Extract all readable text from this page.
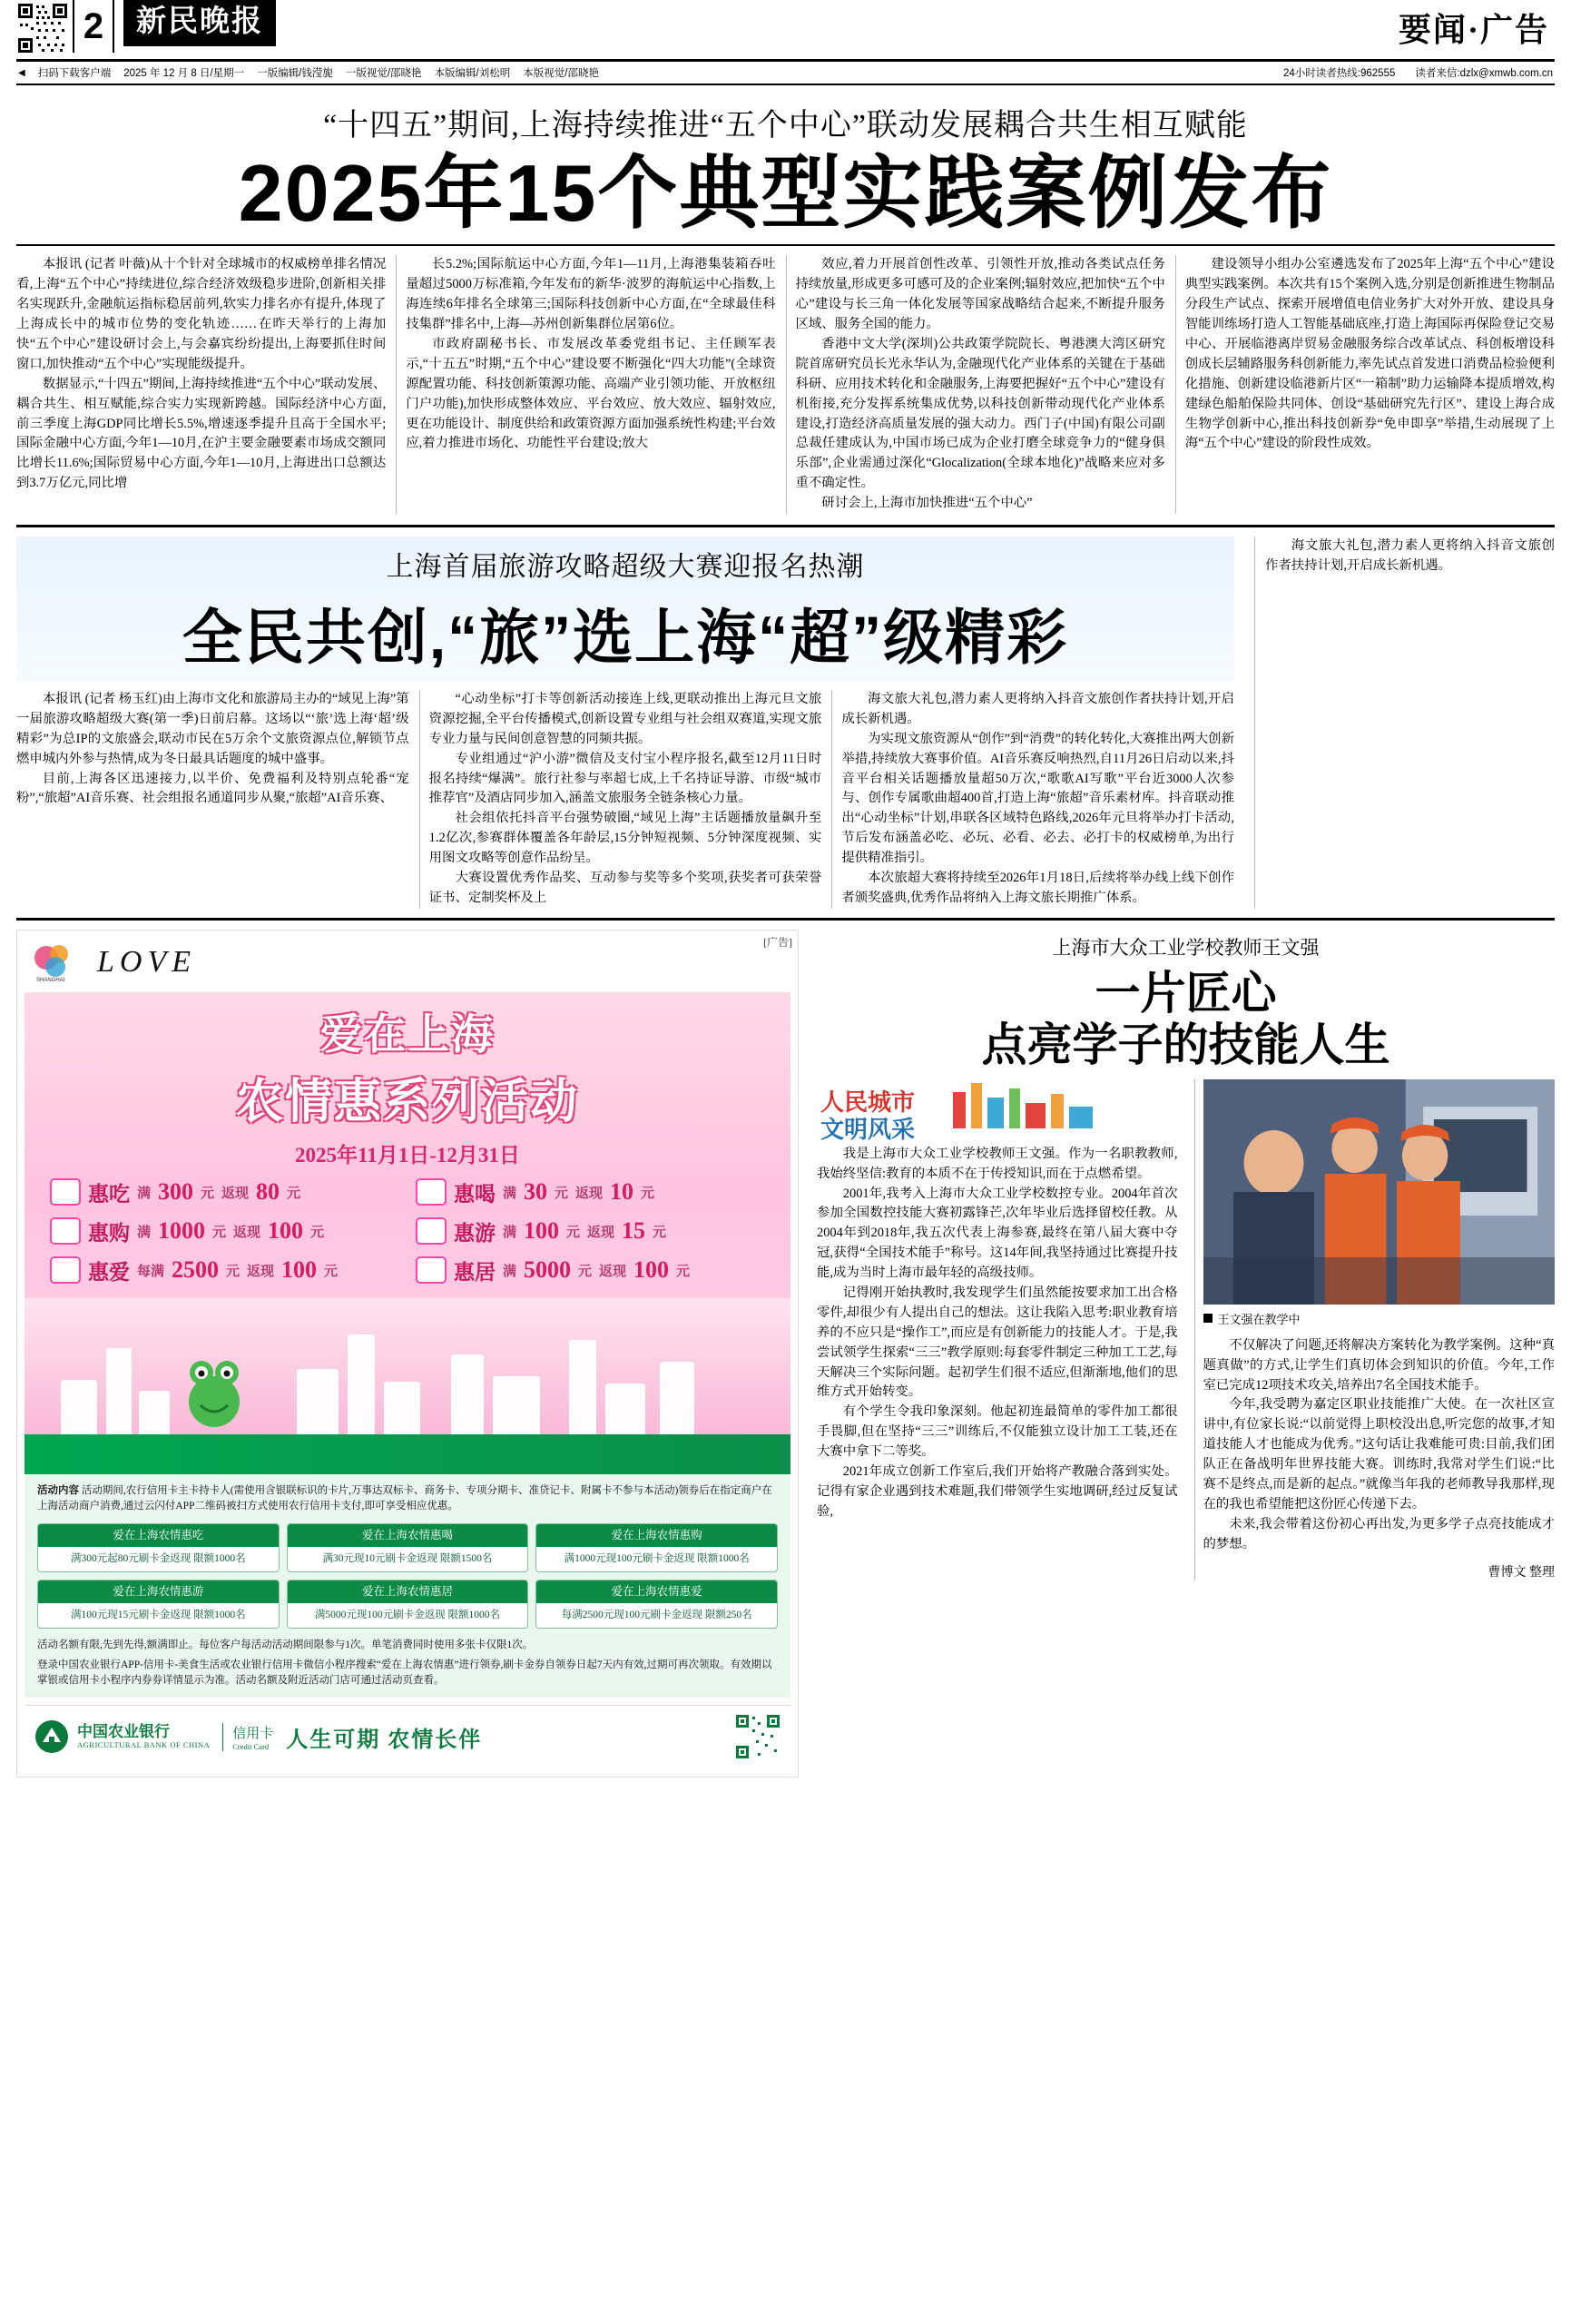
2	新民晚报	要闻·广告
◀ 扫码下载客户端 2025 年 12 月 8 日/星期一 一版编辑/钱滢旎 一版视觉/邵晓艳 本版编辑/刘松明 本版视觉/邵晓艳	24小时读者热线:962555 读者来信:dzlx@xmwb.com.cn
“十四五”期间,上海持续推进“五个中心”联动发展耦合共生相互赋能
2025年15个典型实践案例发布

本报讯 (记者 叶薇)从十个针对全球城市的权威榜单排名情况看,上海“五个中心”持续进位,综合经济效级稳步进阶,创新相关排名实现跃升,金融航运指标稳居前列,软实力排名亦有提升,体现了上海成长中的城市位势的变化轨迹……在昨天举行的上海加快“五个中心”建设研讨会上,与会嘉宾纷纷提出,上海要抓住时间窗口,加快推动“五个中心”实现能级提升。

数据显示,“十四五”期间,上海持续推进“五个中心”联动发展、耦合共生、相互赋能,综合实力实现新跨越。国际经济中心方面,前三季度上海GDP同比增长5.5%,增速逐季提升且高于全国水平;国际金融中心方面,今年1—10月,在沪主要金融要素市场成交额同比增长11.6%;国际贸易中心方面,今年1—10月,上海进出口总额达到3.7万亿元,同比增

长5.2%;国际航运中心方面,今年1—11月,上海港集装箱吞吐量超过5000万标准箱,今年发布的新华·波罗的海航运中心指数,上海连续6年排名全球第三;国际科技创新中心方面,在“全球最佳科技集群”排名中,上海—苏州创新集群位居第6位。

市政府副秘书长、市发展改革委党组书记、主任顾军表示,“十五五”时期,“五个中心”建设要不断强化“四大功能”(全球资源配置功能、科技创新策源功能、高端产业引领功能、开放枢纽门户功能),加快形成整体效应、平台效应、放大效应、辐射效应,更在功能设计、制度供给和政策资源方面加强系统性构建;平台效应,着力推进市场化、功能性平台建设;放大

效应,着力开展首创性改革、引领性开放,推动各类试点任务持续放量,形成更多可感可及的企业案例;辐射效应,把加快“五个中心”建设与长三角一体化发展等国家战略结合起来,不断提升服务区域、服务全国的能力。

香港中文大学(深圳)公共政策学院院长、粤港澳大湾区研究院首席研究员长光永华认为,金融现代化产业体系的关键在于基础科研、应用技术转化和金融服务,上海要把握好“五个中心”建设有机衔接,充分发挥系统集成优势,以科技创新带动现代化产业体系建设,打造经济高质量发展的强大动力。西门子(中国)有限公司副总裁任建成认为,中国市场已成为企业打磨全球竞争力的“健身俱乐部”,企业需通过深化“Glocalization(全球本地化)”战略来应对多重不确定性。

研讨会上,上海市加快推进“五个中心”

建设领导小组办公室遴选发布了2025年上海“五个中心”建设典型实践案例。本次共有15个案例入选,分别是创新推进生物制品分段生产试点、探索开展增值电信业务扩大对外开放、建设具身智能训练场打造人工智能基础底座,打造上海国际再保险登记交易中心、开展临港离岸贸易金融服务综合改革试点、科创板增设科创成长层辅路服务科创新能力,率先试点首发进口消费品检验便利化措施、创新建设临港新片区“一箱制”助力运输降本提质增效,构建绿色船舶保险共同体、创设“基础研究先行区”、建设上海合成生物学创新中心,推出科技创新券“免申即享”举措,生动展现了上海“五个中心”建设的阶段性成效。

上海首届旅游攻略超级大赛迎报名热潮
全民共创,“旅”选上海“超”级精彩

本报讯 (记者 杨玉红)由上海市文化和旅游局主办的“域见上海”第一届旅游攻略超级大赛(第一季)日前启幕。这场以“‘旅’选上海‘超’级精彩”为总IP的文旅盛会,联动市民在5万余个文旅资源点位,解锁节点燃申城内外参与热情,成为冬日最具话题度的城中盛事。

目前,上海各区迅速接力,以半价、免费福利及特别点轮番“宠粉”,“旅超”AI音乐赛、社会组报名通道同步从聚,“旅超”AI音乐赛、

“心动坐标”打卡等创新活动接连上线,更联动推出上海元旦文旅资源挖掘,全平台传播模式,创新设置专业组与社会组双赛道,实现文旅专业力量与民间创意智慧的同频共振。

专业组通过“沪小游”微信及支付宝小程序报名,截至12月11日时报名持续“爆满”。旅行社参与率超七成,上千名持证导游、市级“城市推荐官”及酒店同步加入,涵盖文旅服务全链条核心力量。

社会组依托抖音平台强势破圈,“域见上海”主话题播放量飙升至1.2亿次,参赛群体覆盖各年龄层,15分钟短视频、5分钟深度视频、实用图文攻略等创意作品纷呈。

大赛设置优秀作品奖、互动参与奖等多个奖项,获奖者可获荣誉证书、定制奖杯及上

海文旅大礼包,潜力素人更将纳入抖音文旅创作者扶持计划,开启成长新机遇。

为实现文旅资源从“创作”到“消费”的转化转化,大赛推出两大创新举措,持续放大赛事价值。AI音乐赛反响热烈,自11月26日启动以来,抖音平台相关话题播放量超50万次,“歌歌AI写歌”平台近3000人次参与、创作专属歌曲超400首,打造上海“旅超”音乐素材库。抖音联动推出“心动坐标”计划,串联各区域特色路线,2026年元旦将举办打卡活动,节后发布涵盖必吃、必玩、必看、必去、必打卡的权威榜单,为出行提供精准指引。

本次旅超大赛将持续至2026年1月18日,后续将举办线上线下创作者颁奖盛典,优秀作品将纳入上海文旅长期推广体系。

海文旅大礼包,潜力素人更将纳入抖音文旅创作者扶持计划,开启成长新机遇。

[广告]
SHANGHAI
LOVE
爱在上海
农情惠系列活动
2025年11月1日-12月31日
惠吃 满 300 元 返现 80 元	惠喝 满 30 元 返现 10 元
惠购 满 1000 元 返现 100 元	惠游 满 100 元 返现 15 元
惠爱 每满 2500 元 返现 100 元	惠居 满 5000 元 返现 100 元
活动内容 活动期间,农行信用卡主卡持卡人(需使用含银联标识的卡片,万事达双标卡、商务卡、专项分期卡、准贷记卡、附属卡不参与本活动)领券后在指定商户在上海活动商户消费,通过云闪付APP二维码被扫方式使用农行信用卡支付,即可享受相应优惠。
爱在上海农情惠吃
满300元起80元刷卡金返现 限额1000名
爱在上海农情惠喝
满30元现10元刷卡金返现 限额1500名
爱在上海农情惠购
满1000元现100元刷卡金返现 限额1000名
爱在上海农情惠游
满100元现15元刷卡金返现 限额1000名
爱在上海农情惠居
满5000元现100元刷卡金返现 限额1000名
爱在上海农情惠爱
每满2500元现100元刷卡金返现 限额250名
活动名额有限,先到先得,额满即止。每位客户每活动活动期间限参与1次。单笔消费同时使用多张卡仅限1次。
登录中国农业银行APP-信用卡-美食生活或农业银行信用卡微信小程序搜索“爱在上海农情惠”进行领券,刷卡金券自领券日起7天内有效,过期可再次领取。有效期以掌银或信用卡小程序内券券详情显示为准。活动名额及附近活动门店可通过活动页查看。
中国农业银行
AGRICULTURAL BANK OF CHINA
信用卡
Credit Card 人生可期 农情长伴
上海市大众工业学校教师王文强
一片匠心
点亮学子的技能人生
人民城市
文明风采

我是上海市大众工业学校教师王文强。作为一名职教教师,我始终坚信:教育的本质不在于传授知识,而在于点燃希望。

2001年,我考入上海市大众工业学校数控专业。2004年首次参加全国数控技能大赛初露锋芒,次年毕业后选择留校任教。从2004年到2018年,我五次代表上海参赛,最终在第八届大赛中夺冠,获得“全国技术能手”称号。这14年间,我坚持通过比赛提升技能,成为当时上海市最年轻的高级技师。

记得刚开始执教时,我发现学生们虽然能按要求加工出合格零件,却很少有人提出自己的想法。这让我陷入思考:职业教育培养的不应只是“操作工”,而应是有创新能力的技能人才。于是,我尝试领学生探索“三三”教学原则:每套零件制定三种加工工艺,每天解决三个实际问题。起初学生们很不适应,但渐渐地,他们的思维方式开始转变。

有个学生令我印象深刻。他起初连最简单的零件加工都很手畏脚,但在坚持“三三”训练后,不仅能独立设计加工工装,还在大赛中拿下二等奖。

2021年成立创新工作室后,我们开始将产教融合落到实处。记得有家企业遇到技术难题,我们带领学生实地调研,经过反复试验,

王文强在教学中

不仅解决了问题,还将解决方案转化为教学案例。这种“真题真做”的方式,让学生们真切体会到知识的价值。今年,工作室已完成12项技术攻关,培养出7名全国技术能手。

今年,我受聘为嘉定区职业技能推广大使。在一次社区宣讲中,有位家长说:“以前觉得上职校没出息,听完您的故事,才知道技能人才也能成为优秀。”这句话让我难能可贵:目前,我们团队正在备战明年世界技能大赛。训练时,我常对学生们说:“比赛不是终点,而是新的起点。”就像当年我的老师教导我那样,现在的我也希望能把这份匠心传递下去。

未来,我会带着这份初心再出发,为更多学子点亮技能成才的梦想。

曹博文 整理
